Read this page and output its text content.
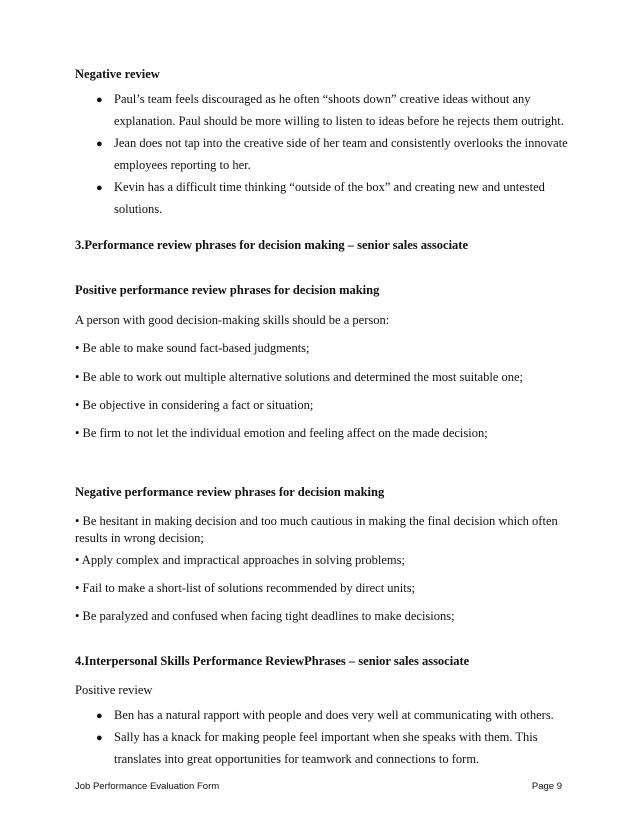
Negative review
● Paul’s team feels discouraged as he often “shoots down” creative ideas without any explanation. Paul should be more willing to listen to ideas before he rejects them outright.
● Jean does not tap into the creative side of her team and consistently overlooks the innovate employees reporting to her.
● Kevin has a difficult time thinking “outside of the box” and creating new and untested solutions.
3.Performance review phrases for decision making – senior sales associate
Positive performance review phrases for decision making
A person with good decision-making skills should be a person:
• Be able to make sound fact-based judgments;
• Be able to work out multiple alternative solutions and determined the most suitable one;
• Be objective in considering a fact or situation;
• Be firm to not let the individual emotion and feeling affect on the made decision;
Negative performance review phrases for decision making
• Be hesitant in making decision and too much cautious in making the final decision which often results in wrong decision;
• Apply complex and impractical approaches in solving problems;
• Fail to make a short-list of solutions recommended by direct units;
• Be paralyzed and confused when facing tight deadlines to make decisions;
4.Interpersonal Skills Performance ReviewPhrases – senior sales associate
Positive review
● Ben has a natural rapport with people and does very well at communicating with others.
● Sally has a knack for making people feel important when she speaks with them. This translates into great opportunities for teamwork and connections to form.
Job Performance Evaluation Form	Page 9
